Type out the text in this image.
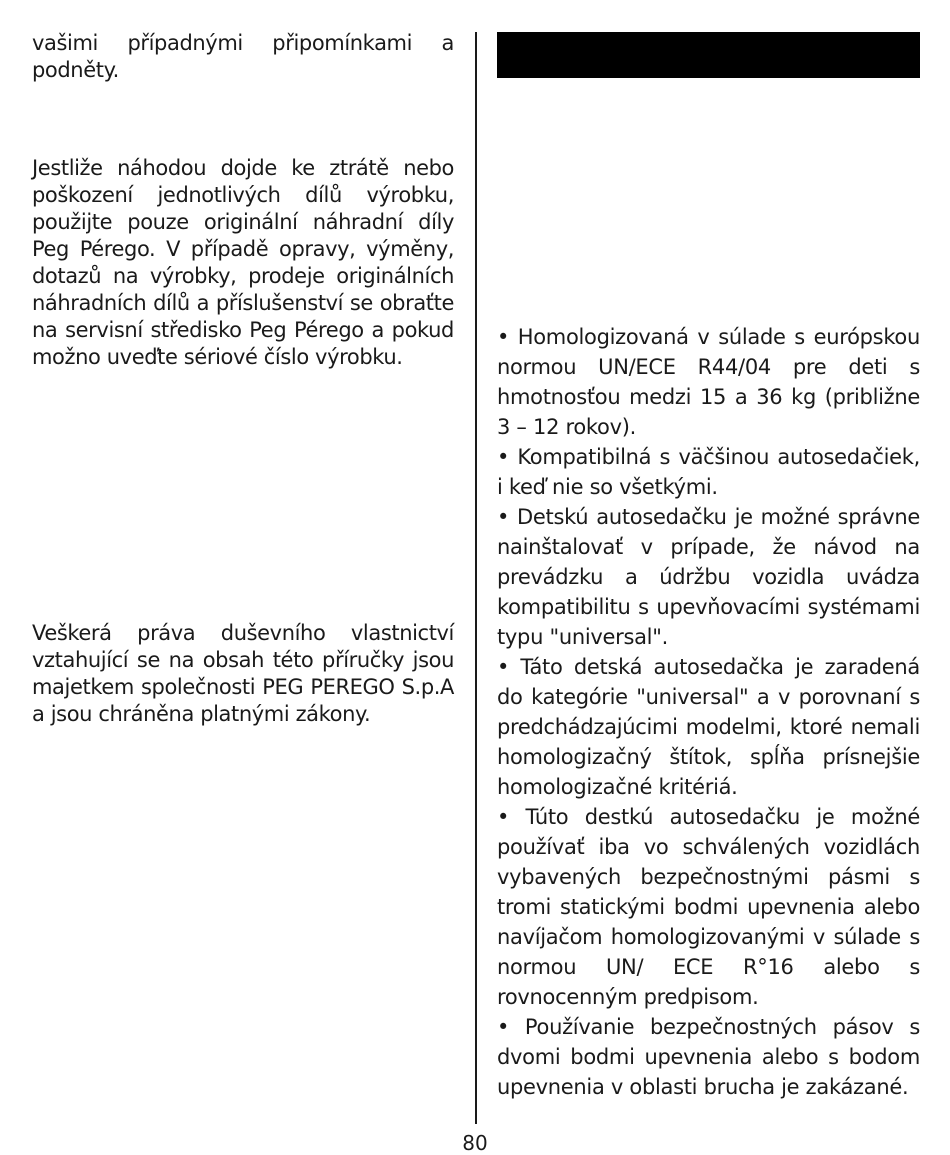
vašimi případnými připomínkami a podněty.

Jestliže náhodou dojde ke ztrátě nebo poškození jednotlivých dílů výrobku, použijte pouze originální náhradní díly Peg Pérego. V případě opravy, výměny, dotazů na výrobky, prodeje originálních náhradních dílů a příslušenství se obraťte na servisní středisko Peg Pérego a pokud možno uveďte sériové číslo výrobku.

Veškerá práva duševního vlastnictví vztahující se na obsah této příručky jsou majetkem společnosti PEG PEREGO S.p.A a jsou chráněna platnými zákony.

• Homologizovaná v súlade s európskou normou UN/ECE R44/04 pre deti s hmotnosťou medzi 15 a 36 kg (približne 3 – 12 rokov).

• Kompatibilná s väčšinou autosedačiek, i keď nie so všetkými.

• Detskú autosedačku je možné správne nainštalovať v prípade, že návod na prevádzku a údržbu vozidla uvádza kompatibilitu s upevňovacími systémami typu "universal".

• Táto detská autosedačka je zaradená do kategórie "universal" a v porovnaní s predchádzajúcimi modelmi, ktoré nemali homologizačný štítok, spĺňa prísnejšie homologizačné kritériá.

• Túto destkú autosedačku je možné používať iba vo schválených vozidlách vybavených bezpečnostnými pásmi s tromi statickými bodmi upevnenia alebo navíjačom homologizovanými v súlade s normou UN/ ECE R°16 alebo s rovnocenným predpisom.

• Používanie bezpečnostných pásov s dvomi bodmi upevnenia alebo s bodom upevnenia v oblasti brucha je zakázané.

80
